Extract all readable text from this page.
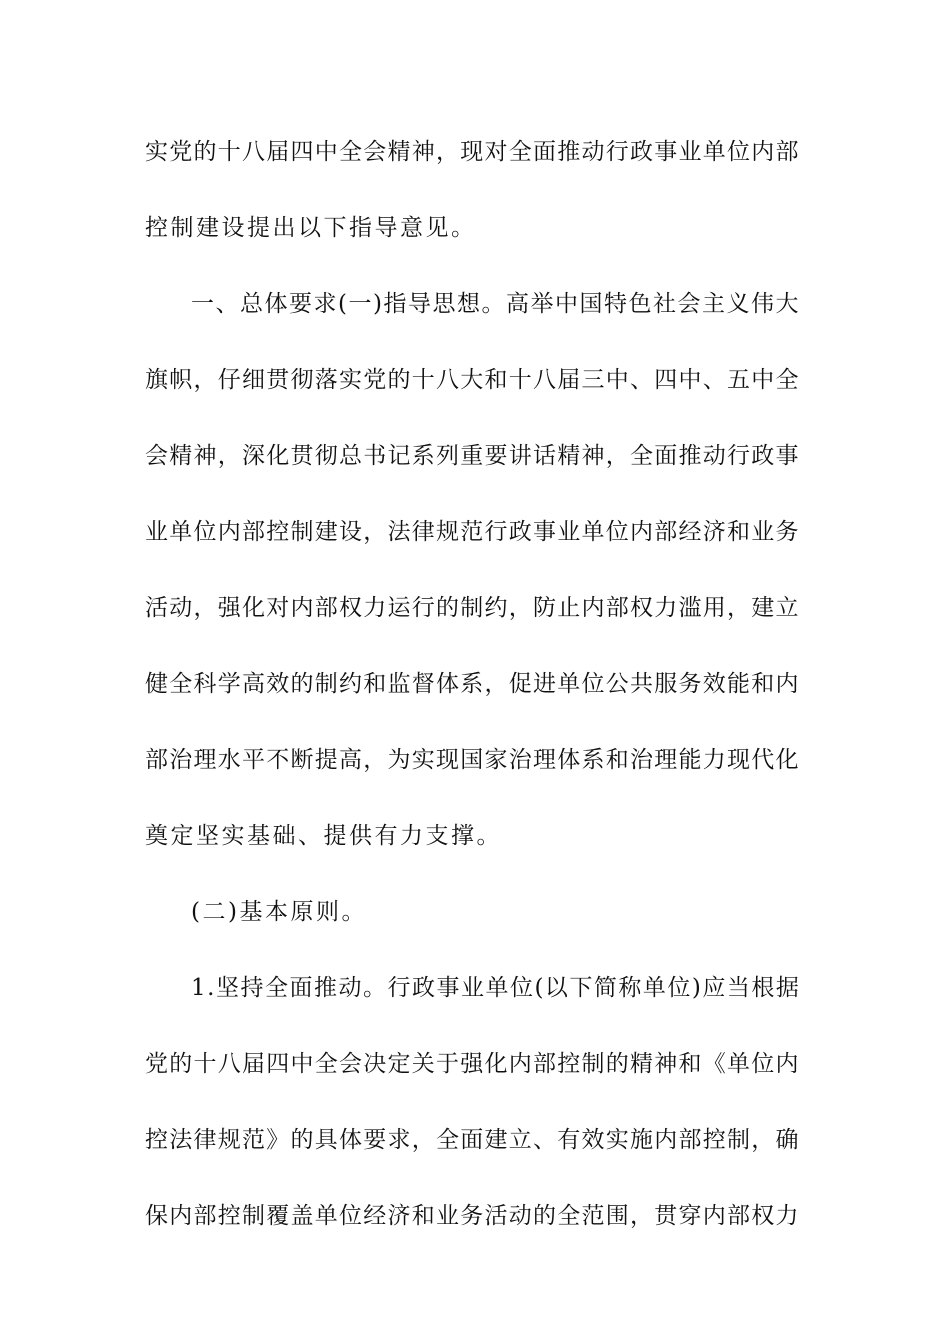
实党的十八届四中全会精神，现对全面推动行政事业单位内部
控制建设提出以下指导意见。
一、总体要求(一)指导思想。高举中国特色社会主义伟大
旗帜，仔细贯彻落实党的十八大和十八届三中、四中、五中全
会精神，深化贯彻总书记系列重要讲话精神，全面推动行政事
业单位内部控制建设，法律规范行政事业单位内部经济和业务
活动，强化对内部权力运行的制约，防止内部权力滥用，建立
健全科学高效的制约和监督体系，促进单位公共服务效能和内
部治理水平不断提高，为实现国家治理体系和治理能力现代化
奠定坚实基础、提供有力支撑。
(二)基本原则。
1.坚持全面推动。行政事业单位(以下简称单位)应当根据
党的十八届四中全会决定关于强化内部控制的精神和《单位内
控法律规范》的具体要求，全面建立、有效实施内部控制，确
保内部控制覆盖单位经济和业务活动的全范围，贯穿内部权力
